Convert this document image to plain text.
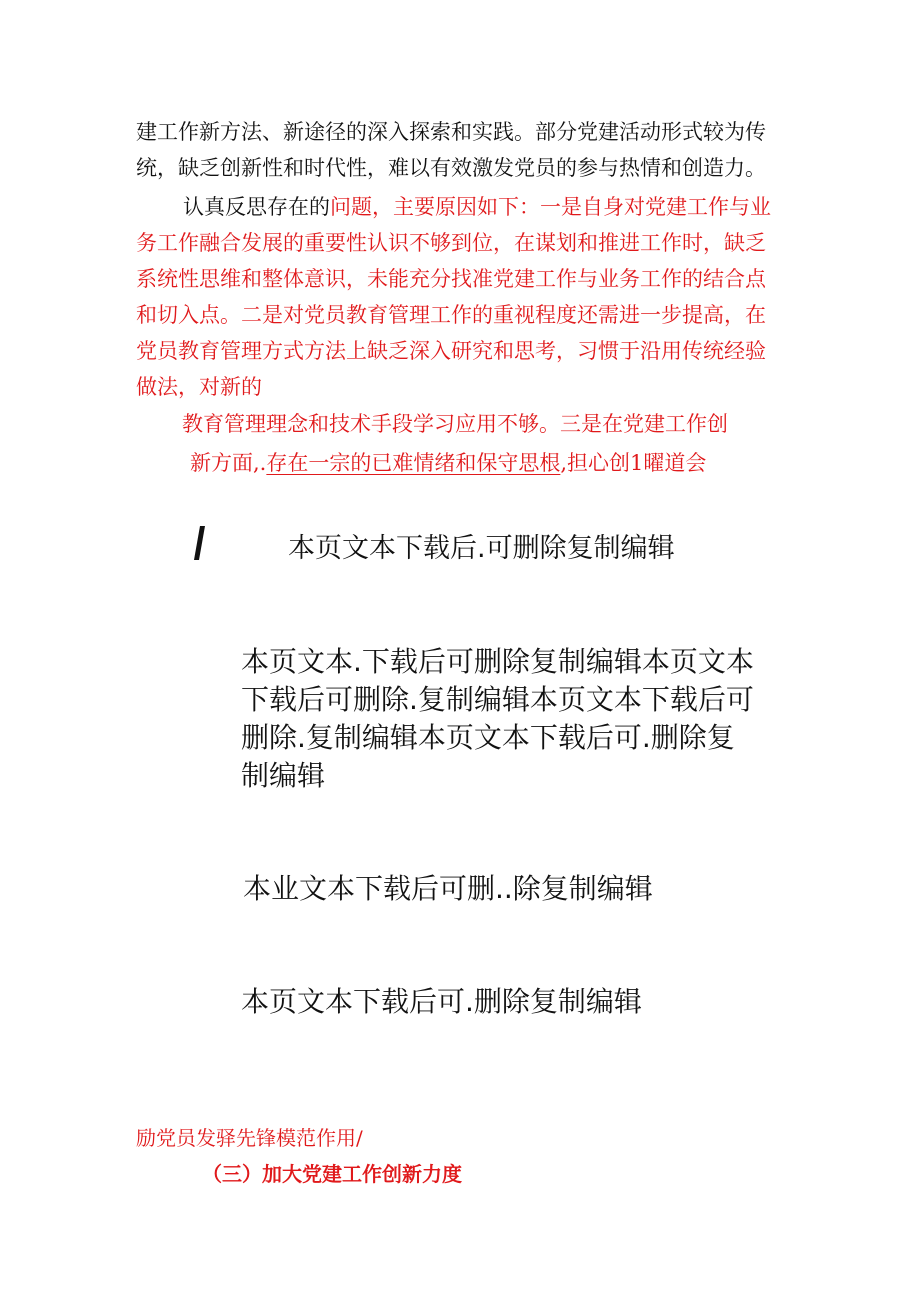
建工作新方法、新途径的深入探索和实践。部分党建活动形式较为传

统，缺乏创新性和时代性，难以有效激发党员的参与热情和创造力。

认真反思存在的问题，主要原因如下：一是自身对党建工作与业

务工作融合发展的重要性认识不够到位，在谋划和推进工作时，缺乏

系统性思维和整体意识，未能充分找准党建工作与业务工作的结合点

和切入点。二是对党员教育管理工作的重视程度还需进一步提高，在

党员教育管理方式方法上缺乏深入研究和思考，习惯于沿用传统经验

做法，对新的

教育管理理念和技术手段学习应用不够。三是在党建工作创

新方面,.存在一宗的已难情绪和保守思根,担心创1曜道会

本页文本下载后.可删除复制编辑

本页文本.下载后可删除复制编辑本页文本

下载后可删除.复制编辑本页文本下载后可

删除.复制编辑本页文本下载后可.删除复

制编辑

本业文本下载后可删..除复制编辑

本页文本下载后可.删除复制编辑

励党员发驿先锋模范作用/

（三）加大党建工作创新力度
